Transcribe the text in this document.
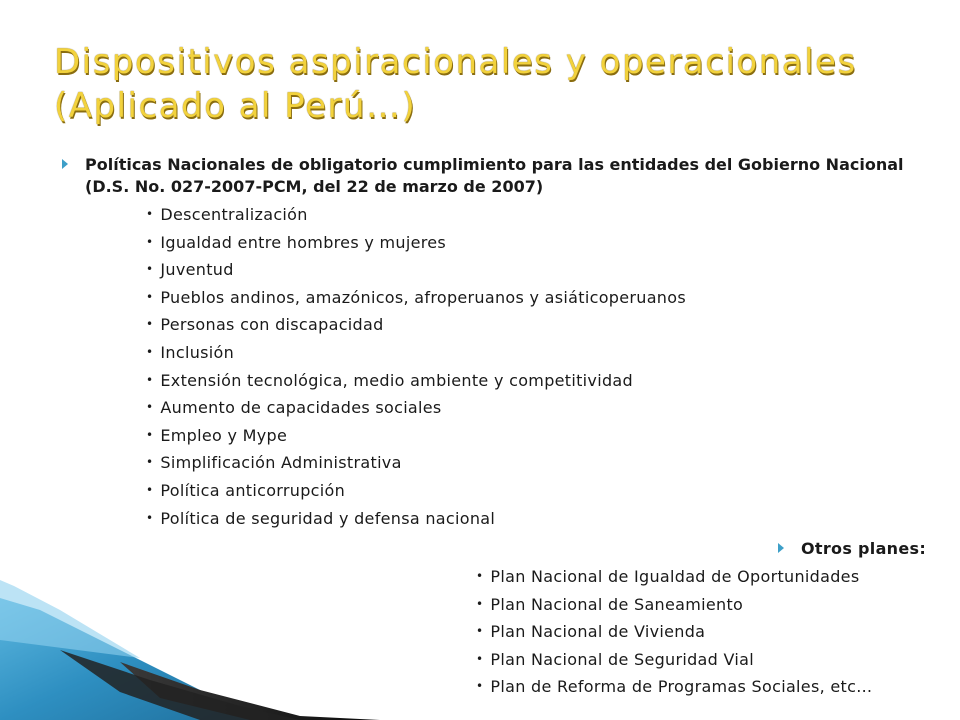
Dispositivos aspiracionales y operacionales
(Aplicado al Perú…)
Políticas Nacionales de obligatorio cumplimiento para las entidades del Gobierno Nacional
(D.S. No. 027-2007-PCM, del 22 de marzo de 2007)
• Descentralización
• Igualdad entre hombres y mujeres
• Juventud
• Pueblos andinos, amazónicos, afroperuanos y asiáticoperuanos
• Personas con discapacidad
• Inclusión
• Extensión tecnológica, medio ambiente y competitividad
• Aumento de capacidades sociales
• Empleo y Mype
• Simplificación Administrativa
• Política anticorrupción
• Política de seguridad y defensa nacional
Otros planes:
• Plan Nacional de Igualdad de Oportunidades
• Plan Nacional de Saneamiento
• Plan Nacional de Vivienda
• Plan Nacional de Seguridad Vial
• Plan de Reforma de Programas Sociales, etc…
